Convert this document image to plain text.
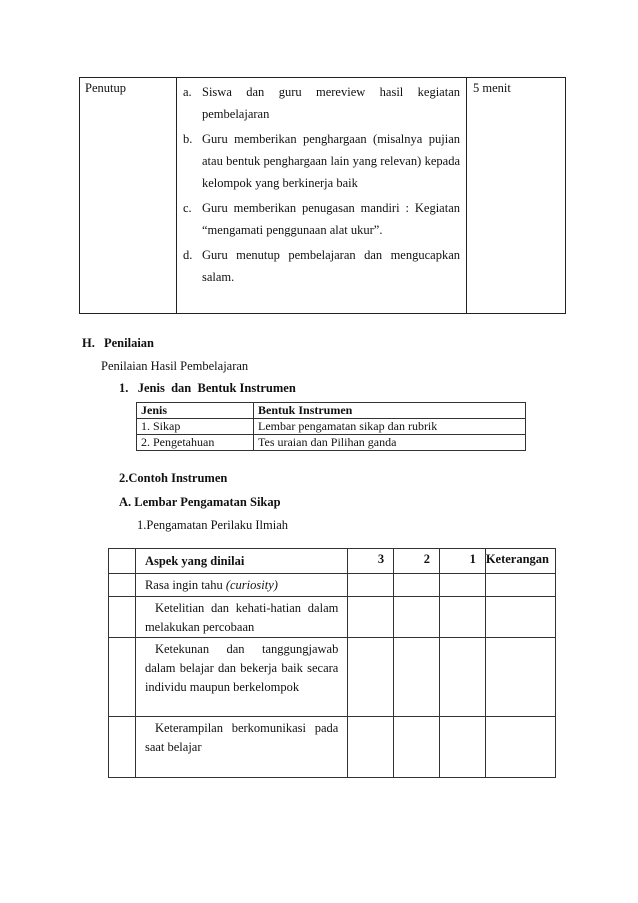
Penutup	a. Siswa dan guru mereview hasil kegiatan pembelajaran
b. Guru memberikan penghargaan (misalnya pujian atau bentuk penghargaan lain yang relevan) kepada kelompok yang berkinerja baik
c. Guru memberikan penugasan mandiri : Kegiatan “mengamati penggunaan alat ukur”.
d. Guru menutup pembelajaran dan mengucapkan salam.
	5 menit
H. Penilaian
Penilaian Hasil Pembelajaran
1.   Jenis  dan  Bentuk Instrumen
Jenis	Bentuk Instrumen
1. Sikap	Lembar pengamatan sikap dan rubrik
2. Pengetahuan	Tes uraian dan Pilihan ganda
2.Contoh Instrumen
A. Lembar Pengamatan Sikap
1.Pengamatan Perilaku Ilmiah
	Aspek yang dinilai	3	2	1	Keterangan
	Rasa ingin tahu (curiosity)				

	Ketelitian dan kehati-hatian dalam melakukan percobaan				

	Ketekunan dan tanggungjawab dalam belajar dan bekerja baik secara individu maupun berkelompok				

	Keterampilan berkomunikasi pada saat belajar				
